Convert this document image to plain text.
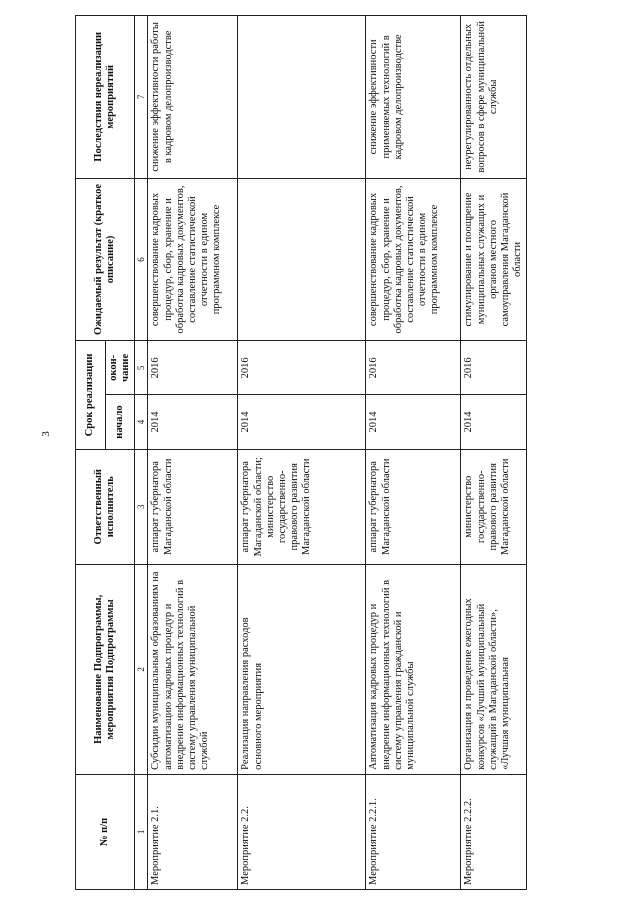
3
№ п/п	Наименование Подпрограммы, мероприятия Подпрограммы	Ответственный исполнитель	Срок реализации		Ожидаемый результат (краткое описание)	Последствия нереализации мероприятий
			начало	окон-чание		
1	2	3	4	5	6	7
Мероприятие 2.1.	Субсидии муниципальным образованиям на автоматизацию кадровых процедур и внедрение информационных технологий в систему управления муниципальной службой	аппарат губернатора Магаданской области	2014	2016	совершенствование кадровых процедур, сбор, хранение и обработка кадровых документов, составление статистической отчетности в едином программном комплексе	снижение эффективности работы в кадровом делопроизводстве
Мероприятие 2.2.	Реализация направления расходов основного мероприятия	аппарат губернатора Магаданской области; министерство государственно-правового развития Магаданской области	2014	2016		
Мероприятие 2.2.1.	Автоматизация кадровых процедур и внедрение информационных технологий в систему управления гражданской и муниципальной службы	аппарат губернатора Магаданской области	2014	2016	совершенствование кадровых процедур, сбор, хранение и обработка кадровых документов, составление статистической отчетности в едином программном комплексе	снижение эффективности применяемых технологий в кадровом делопроизводстве
Мероприятие 2.2.2.	Организация и проведение ежегодных конкурсов «Лучший муниципальный служащий в Магаданской области», «Лучшая муниципальная	министерство государственно-правового развития Магаданской области	2014	2016	стимулирование и поощрение муниципальных служащих и органов местного самоуправления Магаданской области	неурегулированность отдельных вопросов в сфере муниципальной службы
